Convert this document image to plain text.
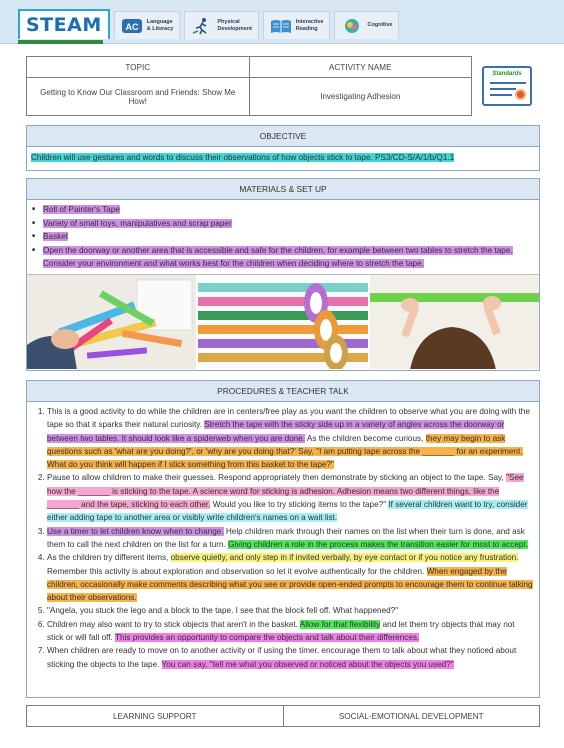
STEAM	AC Language
& Literacy
Physical
Development
Interactive
Reading
Cognitive
TOPIC	ACTIVITY NAME
Getting to Know Our Classroom and Friends: Show Me How!	Investigating Adhesion
Standards
OBJECTIVE
Children will use gestures and words to discuss their observations of how objects stick to tape. PS3/CD-S/A/1/b/Q1.1
MATERIALS & SET UP
■ Roll of Painter's Tape
■ Variety of small toys, manipulatives and scrap paper
■ Basket
■ Open the doorway or another area that is accessible and safe for the children, for example between two tables to stretch the tape. Consider your environment and what works best for the children when deciding where to stretch the tape.
PROCEDURES & TEACHER TALK
1. This is a good activity to do while the children are in centers/free play as you want the children to observe what you are doing with the tape so that it sparks their natural curiosity. Stretch the tape with the sticky side up in a variety of angles across the doorway or between two tables. It should look like a spiderweb when you are done. As the children become curious, they may begin to ask questions such as 'what are you doing?', or 'why are you doing that?' Say, "I am putting tape across the _______ for an experiment. What do you think will happen if I stick something from this basket to the tape?"
2. Pause to allow children to make their guesses. Respond appropriately then demonstrate by sticking an object to the tape. Say, "See how the _______ is sticking to the tape. A science word for sticking is adhesion. Adhesion means two different things, like the _______ and the tape, sticking to each other. Would you like to try sticking items to the tape?" If several children want to try, consider either adding tape to another area or visibly write children's names on a wait list.
3. Use a timer to let children know when to change. Help children mark through their names on the list when their turn is done, and ask them to call the next children on the list for a turn. Giving children a role in the process makes the transition easier for most to accept.
4. As the children try different items, observe quietly, and only step in if invited verbally, by eye contact or if you notice any frustration. Remember this activity is about exploration and observation so let it evolve authentically for the children. When engaged by the children, occasionally make comments describing what you see or provide open-ended prompts to encourage them to continue talking about their observations.
5. "Angela, you stuck the lego and a block to the tape. I see that the block fell off. What happened?"
6. Children may also want to try to stick objects that aren't in the basket. Allow for that flexibility and let them try objects that may not stick or will fall off. This provides an opportunity to compare the objects and talk about their differences.
7. When children are ready to move on to another activity or if using the timer, encourage them to talk about what they noticed about sticking the objects to the tape. You can say, "tell me what you observed or noticed about the objects you used?"
LEARNING SUPPORT	SOCIAL-EMOTIONAL DEVELOPMENT
